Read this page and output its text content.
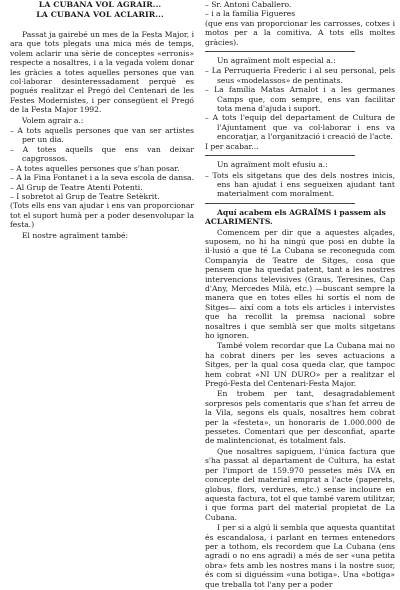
LA CUBANA VOL AGRAIR...
LA CUBANA VOL ACLARIR...

Passat ja gairebé un mes de la Festa Major, i ara que tots plegats una mica més de temps, volem aclarir una sèrie de conceptes «erronis» respecte a nosaltres, i a la vegada volem donar les gràcies a totes aquelles persones que van col·laborar desinteressadament perquè es pogués realitzar el Pregó del Centenari de les Festes Modernistes, i per consegüent el Pregó de la Festa Major 1992.

Volem agrair a.:

– A tots aquells persones que van ser artistes per un dia.

– A totes aquells que ens van deixar capgrossos.

– A totes aquelles persones que s'han posar.

– A la Fina Fontanet i a la seva escola de dansa.

– Al Grup de Teatre Atenti Potenti.

– I sobretot al Grup de Teatre Setèkrit.

(Tots ells ens van ajudar i ens van proporcionar tot el suport humà per a poder desenvolupar la festa.)

El nostre agraïment també:

– Sr. Antoni Caballero.

– i a la família Figueres

(que ens van proporcionar les carrosses, cotxes i motos per a la comitiva. A tots ells moltes gràcies).

Un agraïment molt especial a.:

– La Perruqueria Frederic i al seu personal, pels seus «modelassos» de pentinats.

– La família Matas Arnalot i a les germanes Camps que, com sempre, ens van facilitar tota mena d'ajuda i suport.

– A tots l'equip del departament de Cultura de l'Ajuntament que va col·laborar i ens va encoratjar, a l'organització i creació de l'acte.

I per acabar...

Un agraïment molt efusiu a.:

– Tots els sitgetans que des dels nostres inicis, ens han ajudat i ens segueixen ajudant tant materialment com moralment.

Aquí acabem els AGRAÏMS i passem als ACLARIMENTS.

Comencem per dir que a aquestes alçades, suposem, no hi ha ningú que posi en dubte la il·lusió a que té La Cubana se reconeguda com Companyia de Teatre de Sitges, cosa que pensem que ha quedat patent, tant a les nostres intervencions televisives (Graus, Teresines, Cap d'Any, Mercedes Milà, etc.) —buscant sempre la manera que en totes elles hi sortís el nom de Sitges— així com a tots els articles i intervistes que ha recollit la premsa nacional sobre nosaltres i que semblà ser que molts sitgetans ho ignoren.

També volem recordar que La Cubana mai no ha cobrat diners per les seves actuacions a Sitges, per la qual cosa queda clar, que tampoc hem cobrat «NI UN DURO» per a realitzar el Pregó-Festa del Centenari-Festa Major.

En trobem per tant, desagradablement sorpresos pels comentaris que s'han fet arreu de la Vila, segons els quals, nosaltres hem cobrat per la «festeta», un honoraris de 1.000.000 de pessetes. Comentari que per desconfiat, aparte de malintencionat, és totalment fals.

Que nosaltres sapiguem, l'única factura que s'ha passat al departament de Cultura, ha estat per l'import de 159.970 pessetes més IVA en concepte del material emprat a l'acte (paperets, globus, flors, verdures, etc.) sense incloure en aquesta factura, tot el que també varem utilitzar, i que forma part del material propietat de La Cubana.

I per si a algú li sembla que aquesta quantitat és escandalosa, i parlant en termes entenedors per a tothom, els recordem que La Cubana (ens agradi o no ens agradi) a més de ser «una petita obra» fets amb les nostres mans i la nostre suor, és com si diguéssim «una botiga». Una «botiga» que treballa tot l'any per a poder
